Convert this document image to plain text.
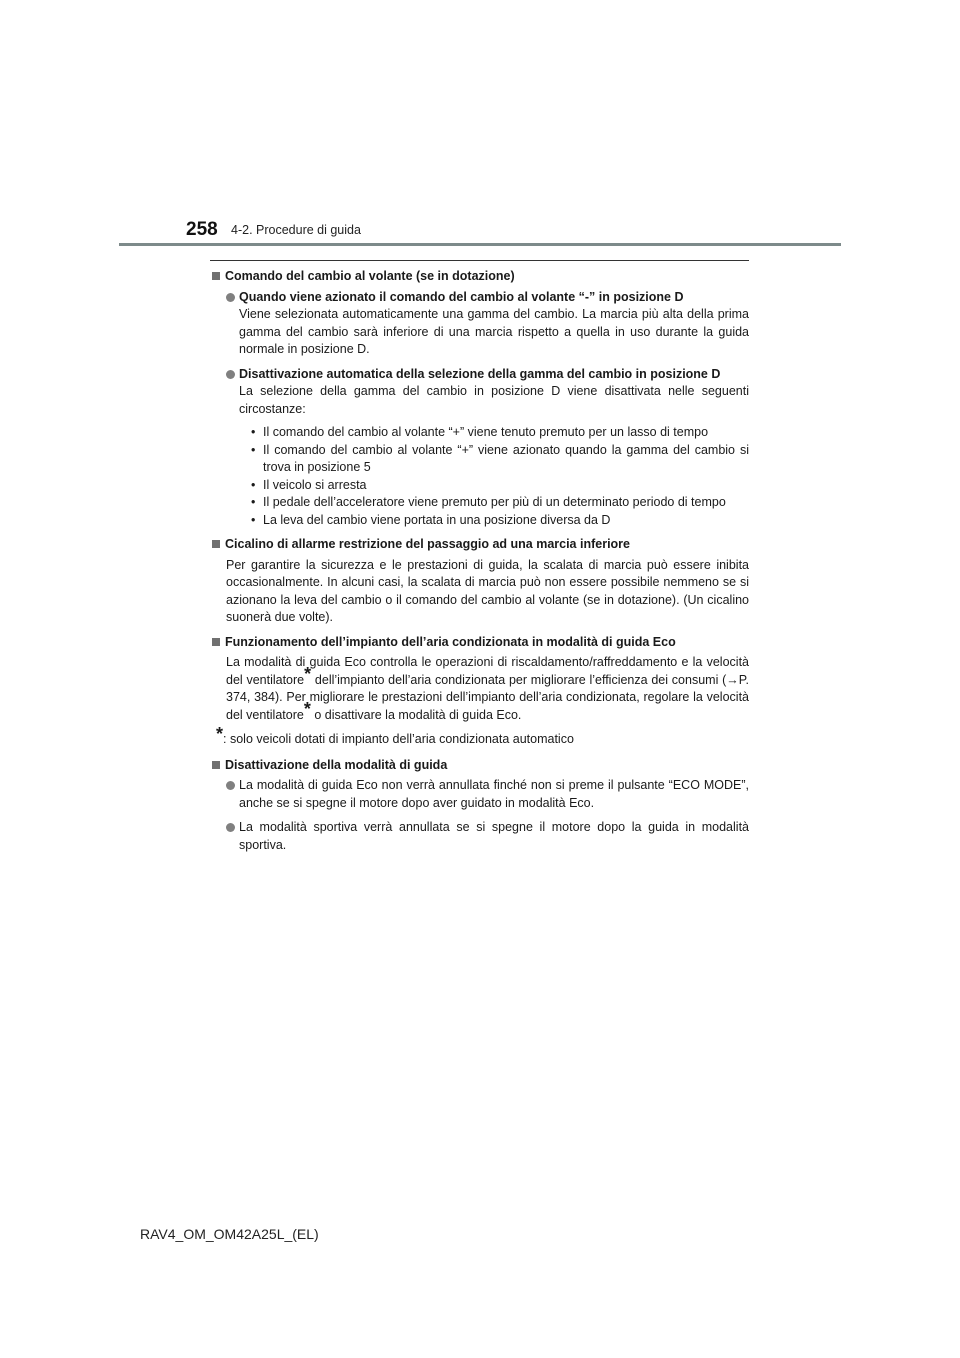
258 4-2. Procedure di guida
Comando del cambio al volante (se in dotazione)
Quando viene azionato il comando del cambio al volante “-” in posizione D
Viene selezionata automaticamente una gamma del cambio. La marcia più alta della prima gamma del cambio sarà inferiore di una marcia rispetto a quella in uso durante la guida normale in posizione D.
Disattivazione automatica della selezione della gamma del cambio in posizione D
La selezione della gamma del cambio in posizione D viene disattivata nelle seguenti circostanze:
• Il comando del cambio al volante “+” viene tenuto premuto per un lasso di tempo
• Il comando del cambio al volante “+” viene azionato quando la gamma del cambio si trova in posizione 5
• Il veicolo si arresta
• Il pedale dell’acceleratore viene premuto per più di un determinato periodo di tempo
• La leva del cambio viene portata in una posizione diversa da D
Cicalino di allarme restrizione del passaggio ad una marcia inferiore
Per garantire la sicurezza e le prestazioni di guida, la scalata di marcia può essere inibita occasionalmente. In alcuni casi, la scalata di marcia può non essere possibile nemmeno se si azionano la leva del cambio o il comando del cambio al volante (se in dotazione). (Un cicalino suonerà due volte).
Funzionamento dell’impianto dell’aria condizionata in modalità di guida Eco
La modalità di guida Eco controlla le operazioni di riscaldamento/raffreddamento e la velocità del ventilatore* dell’impianto dell’aria condizionata per migliorare l’efficienza dei consumi (→P. 374, 384). Per migliorare le prestazioni dell’impianto dell’aria condizionata, regolare la velocità del ventilatore* o disattivare la modalità di guida Eco.
*: solo veicoli dotati di impianto dell’aria condizionata automatico
Disattivazione della modalità di guida
La modalità di guida Eco non verrà annullata finché non si preme il pulsante “ECO MODE”, anche se si spegne il motore dopo aver guidato in modalità Eco.
La modalità sportiva verrà annullata se si spegne il motore dopo la guida in modalità sportiva.
RAV4_OM_OM42A25L_(EL)
